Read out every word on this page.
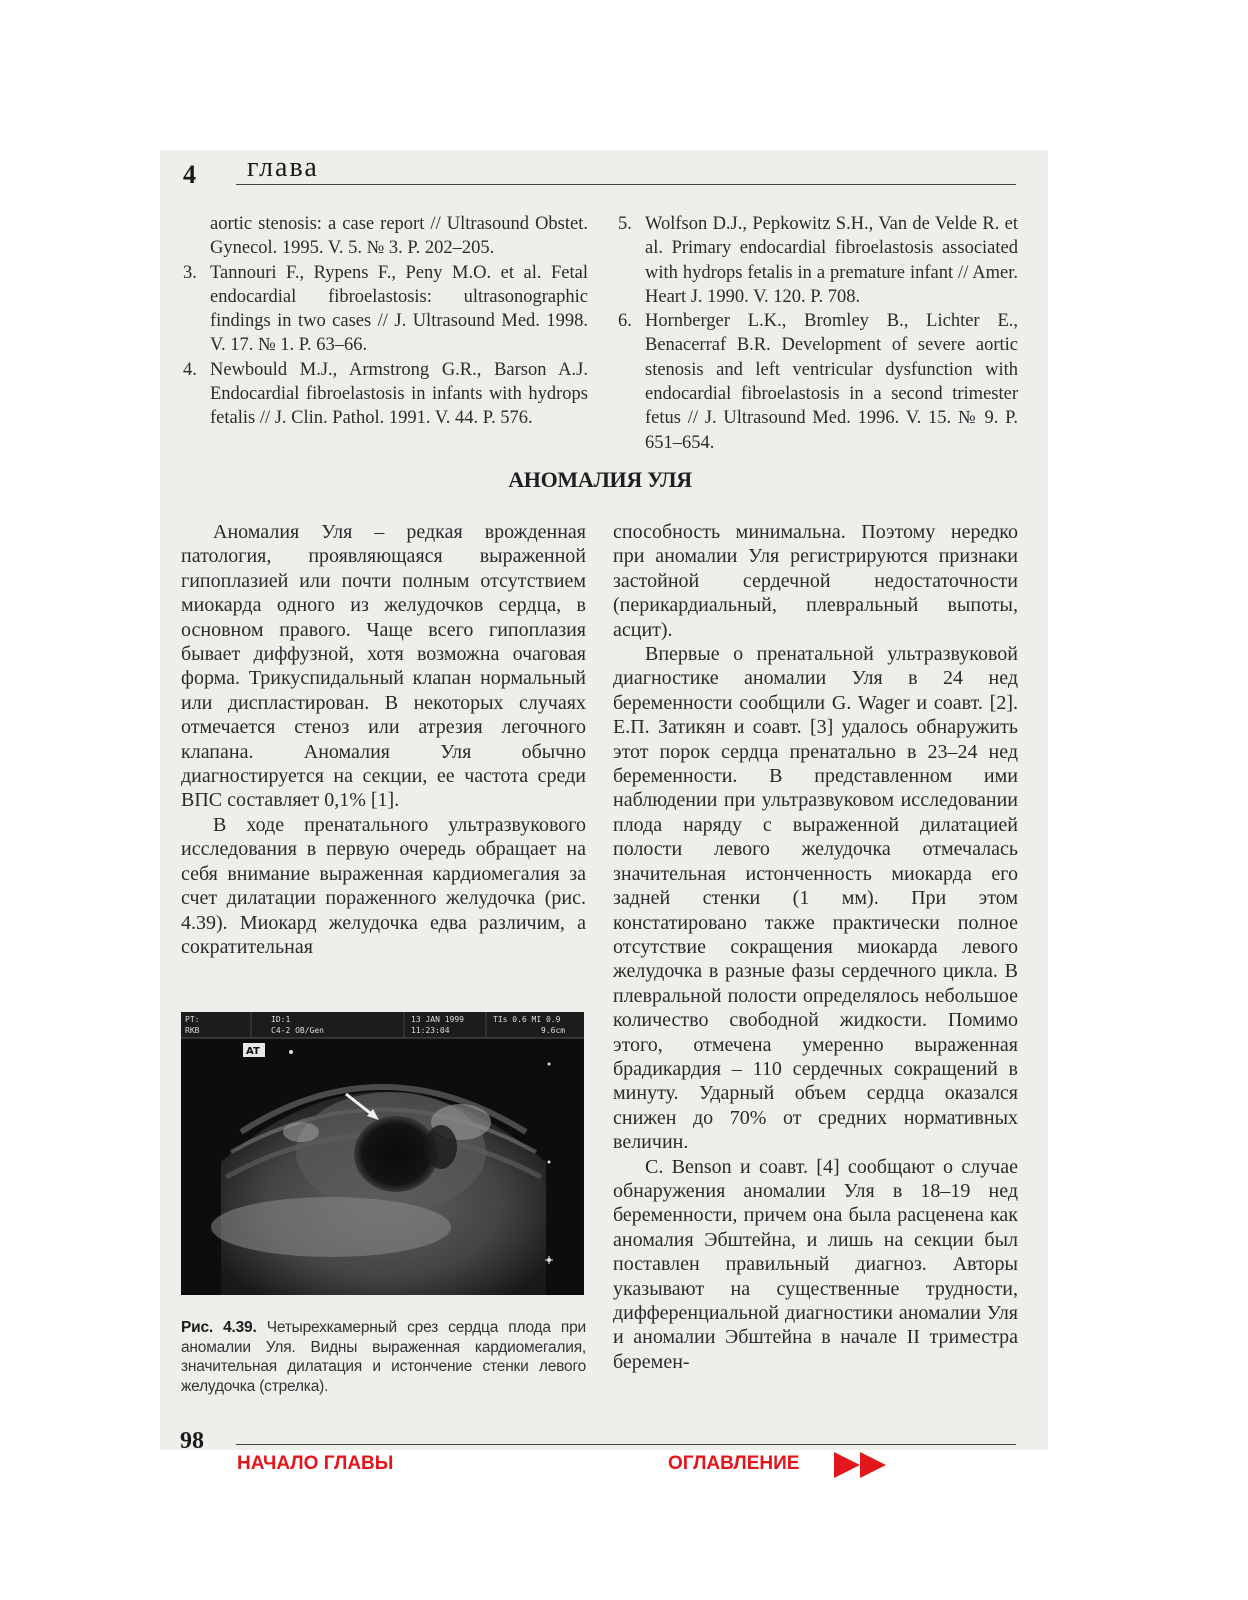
4 глава
aortic stenosis: a case report // Ultrasound Obstet. Gynecol. 1995. V. 5. № 3. P. 202–205.
3. Tannouri F., Rypens F., Peny M.O. et al. Fetal endocardial fibroelastosis: ultrasonographic findings in two cases // J. Ultrasound Med. 1998. V. 17. № 1. P. 63–66.
4. Newbould M.J., Armstrong G.R., Barson A.J. Endocardial fibroelastosis in infants with hydrops fetalis // J. Clin. Pathol. 1991. V. 44. P. 576.
5. Wolfson D.J., Pepkowitz S.H., Van de Velde R. et al. Primary endocardial fibroelastosis associated with hydrops fetalis in a premature infant // Amer. Heart J. 1990. V. 120. P. 708.
6. Hornberger L.K., Bromley B., Lichter E., Benacerraf B.R. Development of severe aortic stenosis and left ventricular dysfunction with endocardial fibroelastosis in a second trimester fetus // J. Ultrasound Med. 1996. V. 15. № 9. P. 651–654.
АНОМАЛИЯ УЛЯ

Аномалия Уля – редкая врожденная патология, проявляющаяся выраженной гипоплазией или почти полным отсутствием миокарда одного из желудочков сердца, в основном правого. Чаще всего гипоплазия бывает диффузной, хотя возможна очаговая форма. Трикуспидальный клапан нормальный или диспластирован. В некоторых случаях отмечается стеноз или атрезия легочного клапана. Аномалия Уля обычно диагностируется на секции, ее частота среди ВПС составляет 0,1% [1].

В ходе пренатального ультразвукового исследования в первую очередь обращает на себя внимание выраженная кардиомегалия за счет дилатации пораженного желудочка (рис. 4.39). Миокард желудочка едва различим, а сократительная

способность минимальна. Поэтому нередко при аномалии Уля регистрируются признаки застойной сердечной недостаточности (перикардиальный, плевральный выпоты, асцит).

Впервые о пренатальной ультразвуковой диагностике аномалии Уля в 24 нед беременности сообщили G. Wager и соавт. [2]. Е.П. Затикян и соавт. [3] удалось обнаружить этот порок сердца пренатально в 23–24 нед беременности. В представленном ими наблюдении при ультразвуковом исследовании плода наряду с выраженной дилатацией полости левого желудочка отмечалась значительная истонченность миокарда его задней стенки (1 мм). При этом констатировано также практически полное отсутствие сокращения миокарда левого желудочка в разные фазы сердечного цикла. В плевральной полости определялось небольшое количество свободной жидкости. Помимо этого, отмечена умеренно выраженная брадикардия – 110 сердечных сокращений в минуту. Ударный объем сердца оказался снижен до 70% от средних нормативных величин.

C. Benson и соавт. [4] сообщают о случае обнаружения аномалии Уля в 18–19 нед беременности, причем она была расценена как аномалия Эбштейна, и лишь на секции был поставлен правильный диагноз. Авторы указывают на существенные трудности, дифференциальной диагностики аномалии Уля и аномалии Эбштейна в начале II триместра беремен-

PT:
RKB
ID:1
C4-2 OB/Gen
13 JAN 1999
11:23:04
TIs 0.6 MI 0.9
9.6cm
AT
Рис. 4.39. Четырехкамерный срез сердца плода при аномалии Уля. Видны выраженная кардиомегалия, значительная дилатация и истончение стенки левого желудочка (стрелка).
98
НАЧАЛО ГЛАВЫ	ОГЛАВЛЕНИЕ
